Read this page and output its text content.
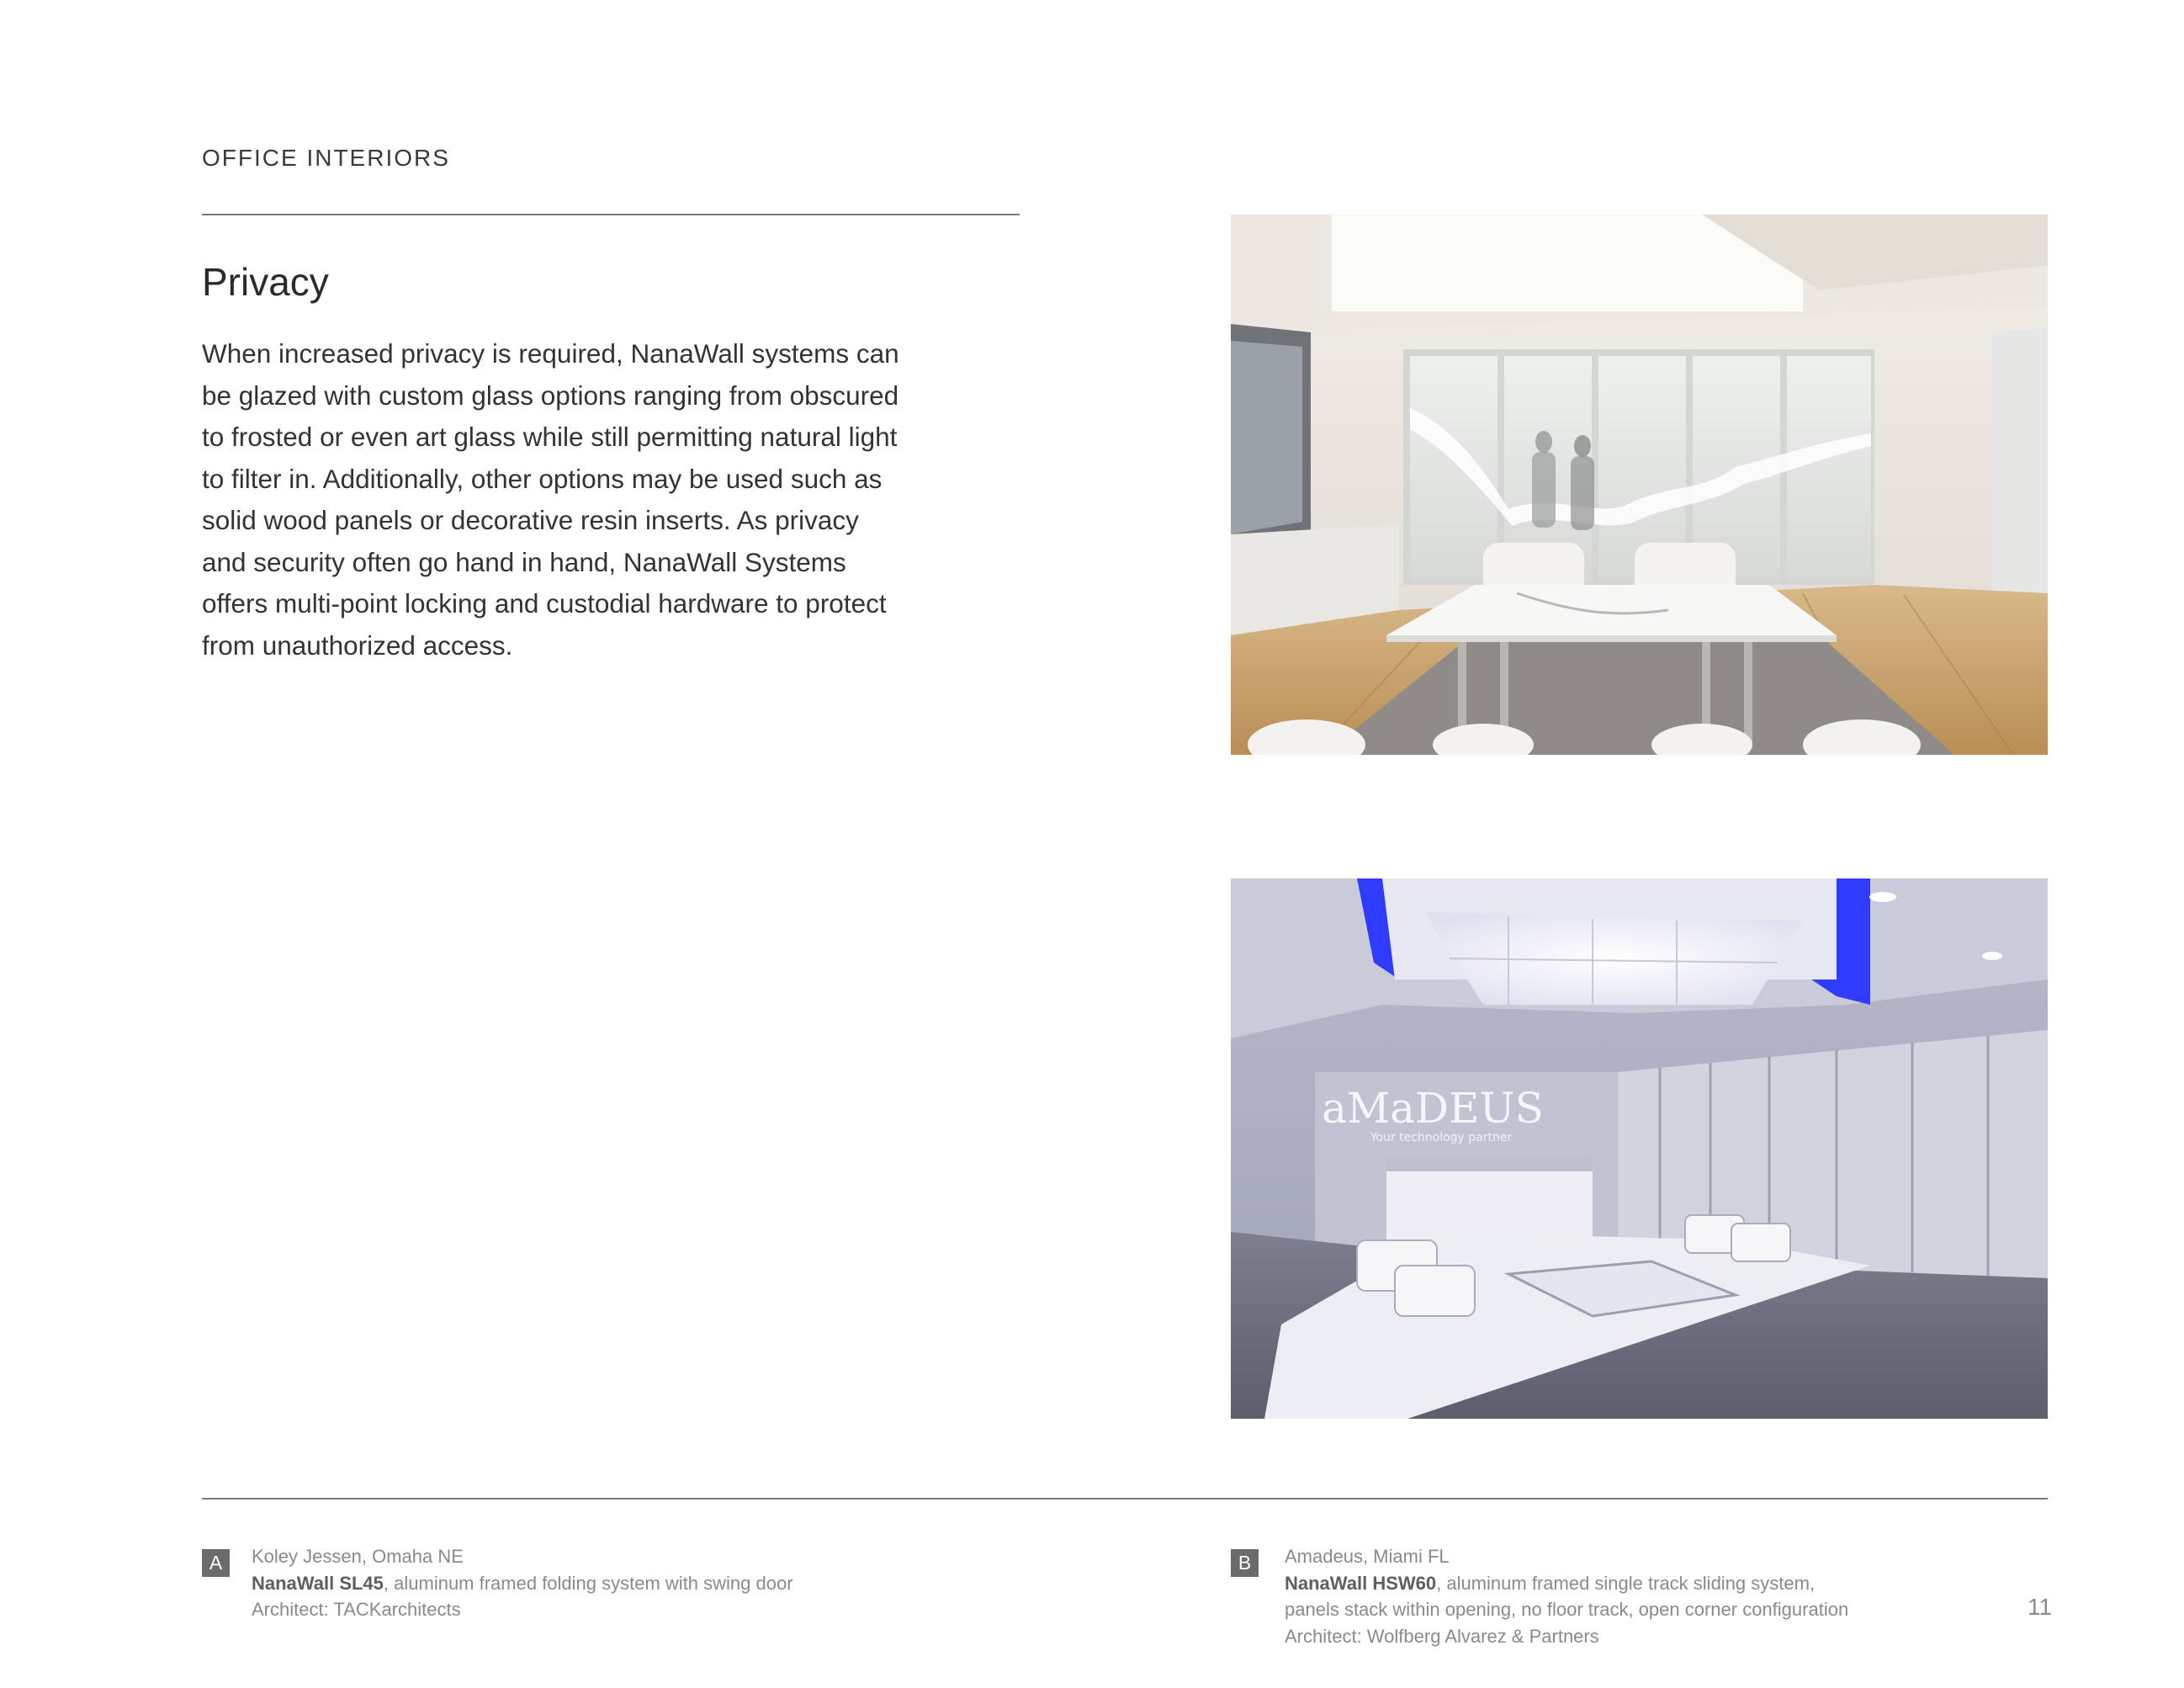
OFFICE INTERIORS
Privacy

When increased privacy is required, NanaWall systems can be glazed with custom glass options ranging from obscured to frosted or even art glass while still permitting natural light to filter in. Additionally, other options may be used such as solid wood panels or decorative resin inserts. As privacy and security often go hand in hand, NanaWall Systems offers multi-point locking and custodial hardware to protect from unauthorized access.

aMaDEUS
Your technology partner
A	Koley Jessen, Omaha NE
NanaWall SL45, aluminum framed folding system with swing door
Architect: TACKarchitects
B	Amadeus, Miami FL
NanaWall HSW60, aluminum framed single track sliding system,
panels stack within opening, no floor track, open corner configuration
Architect: Wolfberg Alvarez & Partners
11
